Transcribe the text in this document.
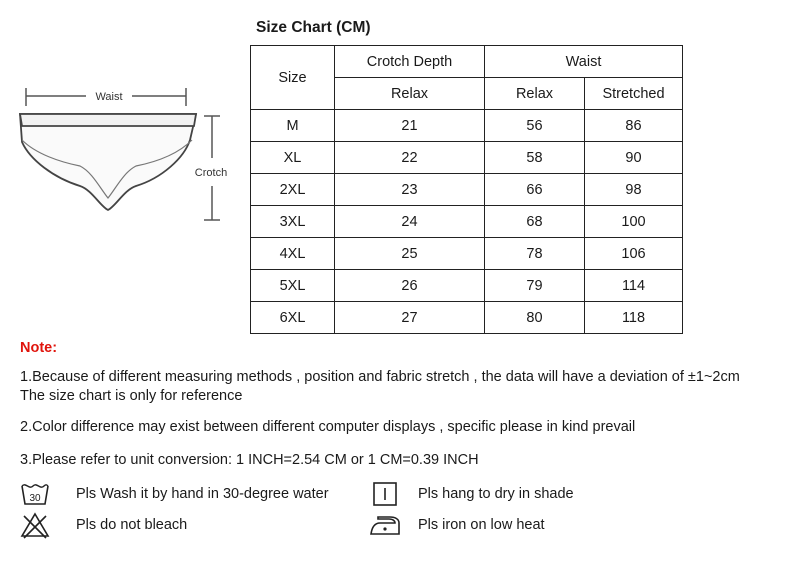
Waist
Crotch
Size Chart (CM)
Size	Crotch Depth	Waist	
	Relax	Relax	Stretched
M	21	56	86
XL	22	58	90
2XL	23	66	98
3XL	24	68	100
4XL	25	78	106
5XL	26	79	114
6XL	27	80	118
Note:
1.Because of different measuring methods , position and fabric stretch , the data will have a deviation of ±1~2cm
The size chart is only for reference
2.Color difference may exist between different computer displays , specific please in kind prevail
3.Please refer to unit conversion: 1 INCH=2.54 CM or 1 CM=0.39 INCH
30 Pls Wash it by hand in 30-degree water	Pls hang to dry in shade
Pls do not bleach	Pls iron on low heat
